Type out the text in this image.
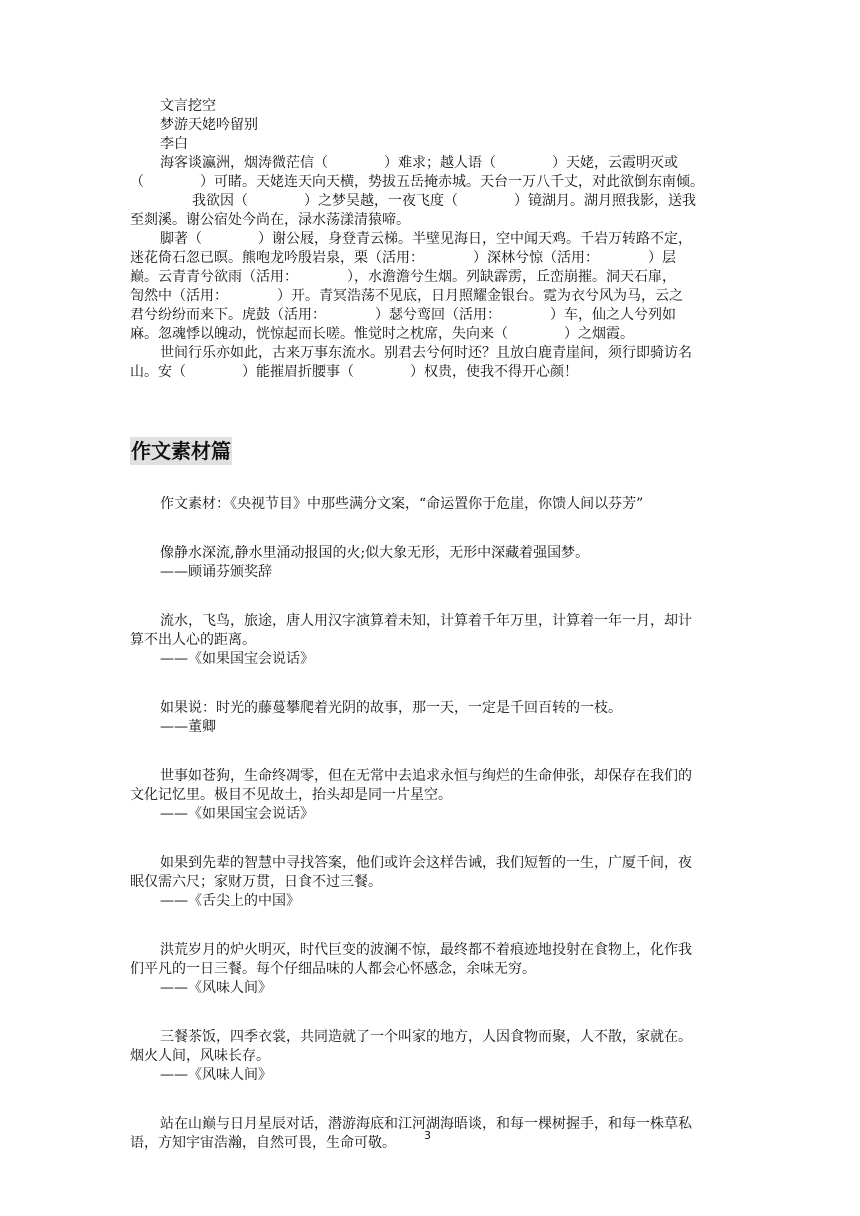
文言挖空
梦游天姥吟留别
李白
海客谈瀛洲，烟涛微茫信（　　　　）难求；越人语（　　　　）天姥，云霞明灭或
（　　　　）可睹。天姥连天向天横，势拔五岳掩赤城。天台一万八千丈，对此欲倒东南倾。
我欲因（　　　　）之梦吴越，一夜飞度（　　　　）镜湖月。湖月照我影，送我
至剡溪。谢公宿处今尚在，渌水荡漾清猿啼。
脚著（　　　　）谢公屐，身登青云梯。半壁见海日，空中闻天鸡。千岩万转路不定，
迷花倚石忽已暝。熊咆龙吟殷岩泉，栗（活用：　　　　）深林兮惊（活用：　　　　）层
巅。云青青兮欲雨（活用：　　　　），水澹澹兮生烟。列缺霹雳，丘峦崩摧。洞天石扉，
訇然中（活用：　　　　）开。青冥浩荡不见底，日月照耀金银台。霓为衣兮风为马，云之
君兮纷纷而来下。虎鼓（活用：　　　　）瑟兮鸾回（活用：　　　　）车，仙之人兮列如
麻。忽魂悸以魄动，恍惊起而长嗟。惟觉时之枕席，失向来（　　　　）之烟霞。
世间行乐亦如此，古来万事东流水。别君去兮何时还？且放白鹿青崖间，须行即骑访名
山。安（　　　　）能摧眉折腰事（　　　　）权贵，使我不得开心颜！
作文素材篇
作文素材：《央视节目》中那些满分文案，“命运置你于危崖，你馈人间以芬芳”
像静水深流,静水里涌动报国的火;似大象无形，无形中深藏着强国梦。
——顾诵芬颁奖辞
流水，飞鸟，旅途，唐人用汉字演算着未知，计算着千年万里，计算着一年一月，却计
算不出人心的距离。
——《如果国宝会说话》
如果说：时光的藤蔓攀爬着光阴的故事，那一天，一定是千回百转的一枝。
——董卿
世事如苍狗，生命终凋零，但在无常中去追求永恒与绚烂的生命伸张，却保存在我们的
文化记忆里。极目不见故土，抬头却是同一片星空。
——《如果国宝会说话》
如果到先辈的智慧中寻找答案，他们或许会这样告诫，我们短暂的一生，广厦千间，夜
眠仅需六尺；家财万贯，日食不过三餐。
——《舌尖上的中国》
洪荒岁月的炉火明灭，时代巨变的波澜不惊，最终都不着痕迹地投射在食物上，化作我
们平凡的一日三餐。每个仔细品味的人都会心怀感念，余味无穷。
——《风味人间》
三餐茶饭，四季衣裳，共同造就了一个叫家的地方，人因食物而聚，人不散，家就在。
烟火人间，风味长存。
——《风味人间》
站在山巅与日月星辰对话，潜游海底和江河湖海晤谈，和每一棵树握手，和每一株草私
语，方知宇宙浩瀚，自然可畏，生命可敬。	3
